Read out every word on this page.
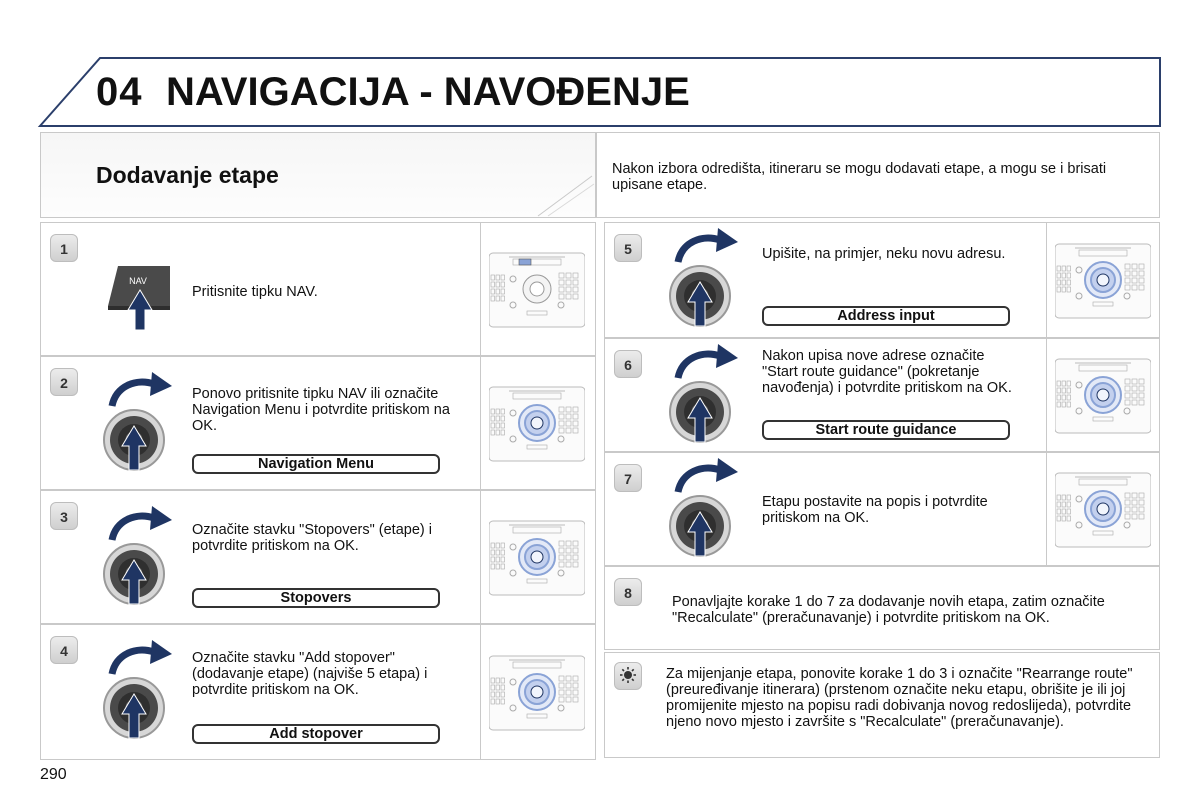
04 NAVIGACIJA - NAVOĐENJE
Dodavanje etape	Nakon izbora odredišta, itineraru se mogu dodavati etape, a mogu se i brisati upisane etape.
1
NAV
Pritisnite tipku NAV.
2
Ponovo pritisnite tipku NAV ili označite Navigation Menu i potvrdite pritiskom na OK.
Navigation Menu
3
Označite stavku "Stopovers" (etape) i potvrdite pritiskom na OK.
Stopovers
4	Označite stavku "Add stopover" (dodavanje etape) (najviše 5 etapa) i potvrdite pritiskom na OK.
Add stopover
5	Upišite, na primjer, neku novu adresu.
Address input
6
Nakon upisa nove adrese označite "Start route guidance" (pokretanje navođenja) i potvrdite pritiskom na OK.
Start route guidance
7
Etapu postavite na popis i potvrdite pritiskom na OK.
8
Ponavljajte korake 1 do 7 za dodavanje novih etapa, zatim označite "Recalculate" (preračunavanje) i potvrdite pritiskom na OK.
Za mijenjanje etapa, ponovite korake 1 do 3 i označite "Rearrange route" (preuređivanje itinerara) (prstenom označite neku etapu, obrišite je ili joj promijenite mjesto na popisu radi dobivanja novog redoslijeda), potvrdite njeno novo mjesto i završite s "Recalculate" (preračunavanje).
290
